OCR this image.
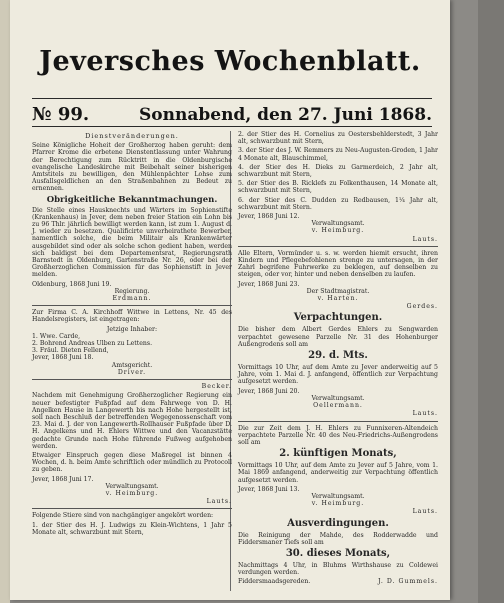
Jeversches Wochenblatt.
№ 99.	Sonnabend, den 27. Juni 1868.
Dienstveränderungen.

Seine Königliche Hoheit der Großherzog haben geruht: dem Pfarrer Krome die erbetene Dienstentlassung unter Wahrung der Berechtigung zum Rücktritt in die Oldenburgische evangelische Landeskirche mit Beibehalt seiner bisherigen Amtstitels zu bewilligen, den Mühlenpächter Lohse zum Ausfallsgeldlichen an den Straßenbahnen zu Bedeut zu ernennen.

Obrigkeitliche Bekanntmachungen.

Die Stelle eines Hausknechts und Wärters im Sophienstifte (Krankenhaus) in Jever, dem neben freier Station ein Lohn bis zu 96 Thlr. jährlich bewilligt werden kann, ist zum 1. August d. J. wieder zu besetzen. Qualificirte unverheirathete Bewerber, namentlich solche, die beim Militair als Krankenwärter ausgebildet sind oder als solche schon gedient haben, werden sich baldigst bei dem Departementsrat, Regierungsrath Barnstedt in Oldenburg, Gartenstraße Nr. 26, oder bei der Großherzoglichen Commission für das Sophienstift in Jever melden.

Oldenburg, 1868 Juni 19.
Regierung.
Erdmann.

Zur Firma C. A. Kirchhoff Wittwe in Lettens, Nr. 45 des Handelsregisters, ist eingetragen:

Jetzige Inhaber:
1. Wwe. Carde,
2. Bohrend Andreas Ulben zu Lettens.
3. Fräul. Dieten Fellend,
Jever, 1868 Juni 18.
Amtsgericht.
Driver.
Becker.

Nachdem mit Genehmigung Großherzoglicher Regierung ein neuer befestigter Fußpfad auf dem Fahrwege von D. H. Angelken Hause in Langewerth bis nach Hohe hergestellt ist, soll nach Beschluß der betreffenden Wegegenossenschaft vom 23. Mai d. J. der von Langewerth-Rollhauser Fußpfade über D. H. Angelkens und H. Ehlers Wittwe und den Vacanzstätte gedachte Grunde nach Hohe führende Fußweg aufgehoben werden.

Etwaiger Einspruch gegen diese Maßregel ist binnen 4 Wochen, d. h. beim Amte schriftlich oder mündlich zu Protocoll zu geben.

Jever, 1868 Juni 17.
Verwaltungsamt.
v. Heimburg.
Lauts.

Folgende Stiere sind von nachgängiger angekört worden:

1. der Stier des H. J. Ludwigs zu Klein-Wichtens, 1 Jahr 5 Monate alt, schwarzbunt mit Stern,

2. der Stier des H. Cornelius zu Oestersbehlderstedt, 3 Jahr alt, schwarzbunt mit Stern,

3. der Stier des J. W. Remmers zu Neu-Augusten-Groden, 1 Jahr 4 Monate alt, Blauschimmel,

4. der Stier des H. Dieks zu Garmerdeich, 2 Jahr alt, schwarzbunt mit Stern,

5. der Stier des B. Ricklefs zu Folkenthausen, 14 Monate alt, schwarzbunt mit Stern,

6. der Stier des C. Dudden zu Redbausen, 1¼ Jahr alt, schwarzbunt mit Stern.

Jever, 1868 Juni 12.
Verwaltungsamt.
v. Heimburg.
Lauts.

Alle Eltern, Vormünder u. s. w. werden hiemit ersucht, ihren Kindern und Pflegebefohlenen strenge zu untersagen, in der Zahrl begrifene Fuhrwerke zu beklegen, auf denselben zu steigen, oder vor, hinter und neben denselben zu laufen.

Jever, 1868 Juni 23.
Der Stadtmagistrat.
v. Harten.
Gerdes.
Verpachtungen.

Die bisher dem Albert Gerdes Ehlers zu Sengwarden verpachtet gewesene Parzelle Nr. 31 des Hohenburger Außengrodens soll am

29. d. Mts.

Vormittags 10 Uhr, auf dem Amte zu Jever anderweitig auf 5 Jahre, vom 1. Mai d. J. anfangend, öffentlich zur Verpachtung aufgesetzt werden.

Jever, 1868 Juni 20.
Verwaltungsamt.
Oellermann.
Lauts.

Die zur Zeit dem J. H. Ehlers zu Funnixeren-Altendeich verpachtete Parzelle Nr. 40 des Neu-Friedrichs-Außengrodens soll am

2. künftigen Monats,

Vormittags 10 Uhr, auf dem Amte zu Jever auf 5 Jahre, vom 1. Mai 1869 anfangend, anderweitig zur Verpachtung öffentlich aufgesetzt werden.

Jever, 1868 Juni 13.
Verwaltungsamt.
v. Heimburg.
Lauts.
Ausverdingungen.

Die Reinigung der Mahde, des Rodderwadde und Fiddersmaner Tiefs soll am

30. dieses Monats,

Nachmittags 4 Uhr, in Bluhms Wirthshause zu Coldewei verdungen werden.

Fiddersmaadsgereden.	J. D. Gummels.
